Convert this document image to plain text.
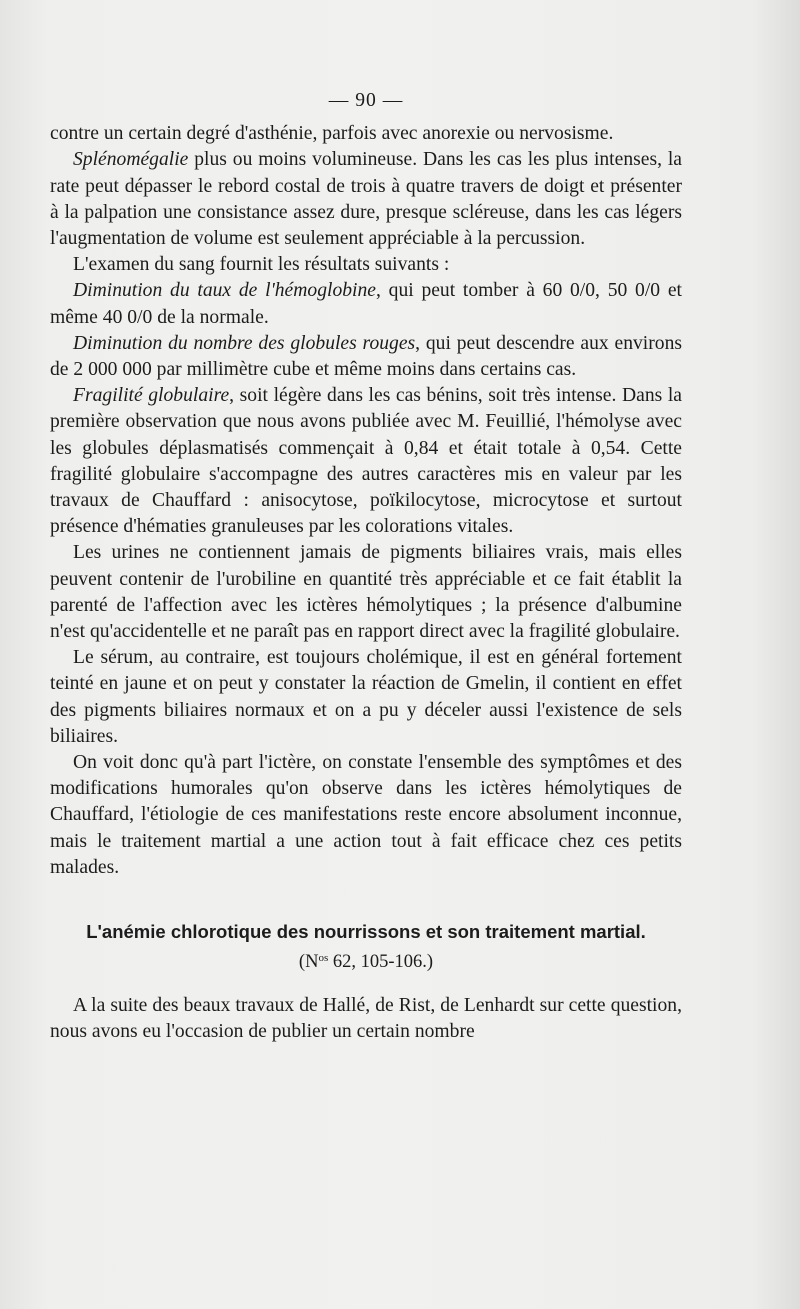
— 90 —

contre un certain degré d'asthénie, parfois avec anorexie ou nervosisme.

Splénomégalie plus ou moins volumineuse. Dans les cas les plus intenses, la rate peut dépasser le rebord costal de trois à quatre travers de doigt et présenter à la palpation une consistance assez dure, presque scléreuse, dans les cas légers l'augmentation de volume est seulement appréciable à la percussion.

L'examen du sang fournit les résultats suivants :

Diminution du taux de l'hémoglobine, qui peut tomber à 60 0/0, 50 0/0 et même 40 0/0 de la normale.

Diminution du nombre des globules rouges, qui peut descendre aux environs de 2 000 000 par millimètre cube et même moins dans certains cas.

Fragilité globulaire, soit légère dans les cas bénins, soit très intense. Dans la première observation que nous avons publiée avec M. Feuillié, l'hémolyse avec les globules déplasmatisés commençait à 0,84 et était totale à 0,54. Cette fragilité globulaire s'accompagne des autres caractères mis en valeur par les travaux de Chauffard : anisocytose, poïkilocytose, microcytose et surtout présence d'hématies granuleuses par les colorations vitales.

Les urines ne contiennent jamais de pigments biliaires vrais, mais elles peuvent contenir de l'urobiline en quantité très appréciable et ce fait établit la parenté de l'affection avec les ictères hémolytiques ; la présence d'albumine n'est qu'accidentelle et ne paraît pas en rapport direct avec la fragilité globulaire.

Le sérum, au contraire, est toujours cholémique, il est en général fortement teinté en jaune et on peut y constater la réaction de Gmelin, il contient en effet des pigments biliaires normaux et on a pu y déceler aussi l'existence de sels biliaires.

On voit donc qu'à part l'ictère, on constate l'ensemble des symptômes et des modifications humorales qu'on observe dans les ictères hémolytiques de Chauffard, l'étiologie de ces manifestations reste encore absolument inconnue, mais le traitement martial a une action tout à fait efficace chez ces petits malades.

L'anémie chlorotique des nourrissons et son traitement martial.
($N^{os}$ 62, 105-106.)

A la suite des beaux travaux de Hallé, de Rist, de Lenhardt sur cette question, nous avons eu l'occasion de publier un certain nombre
